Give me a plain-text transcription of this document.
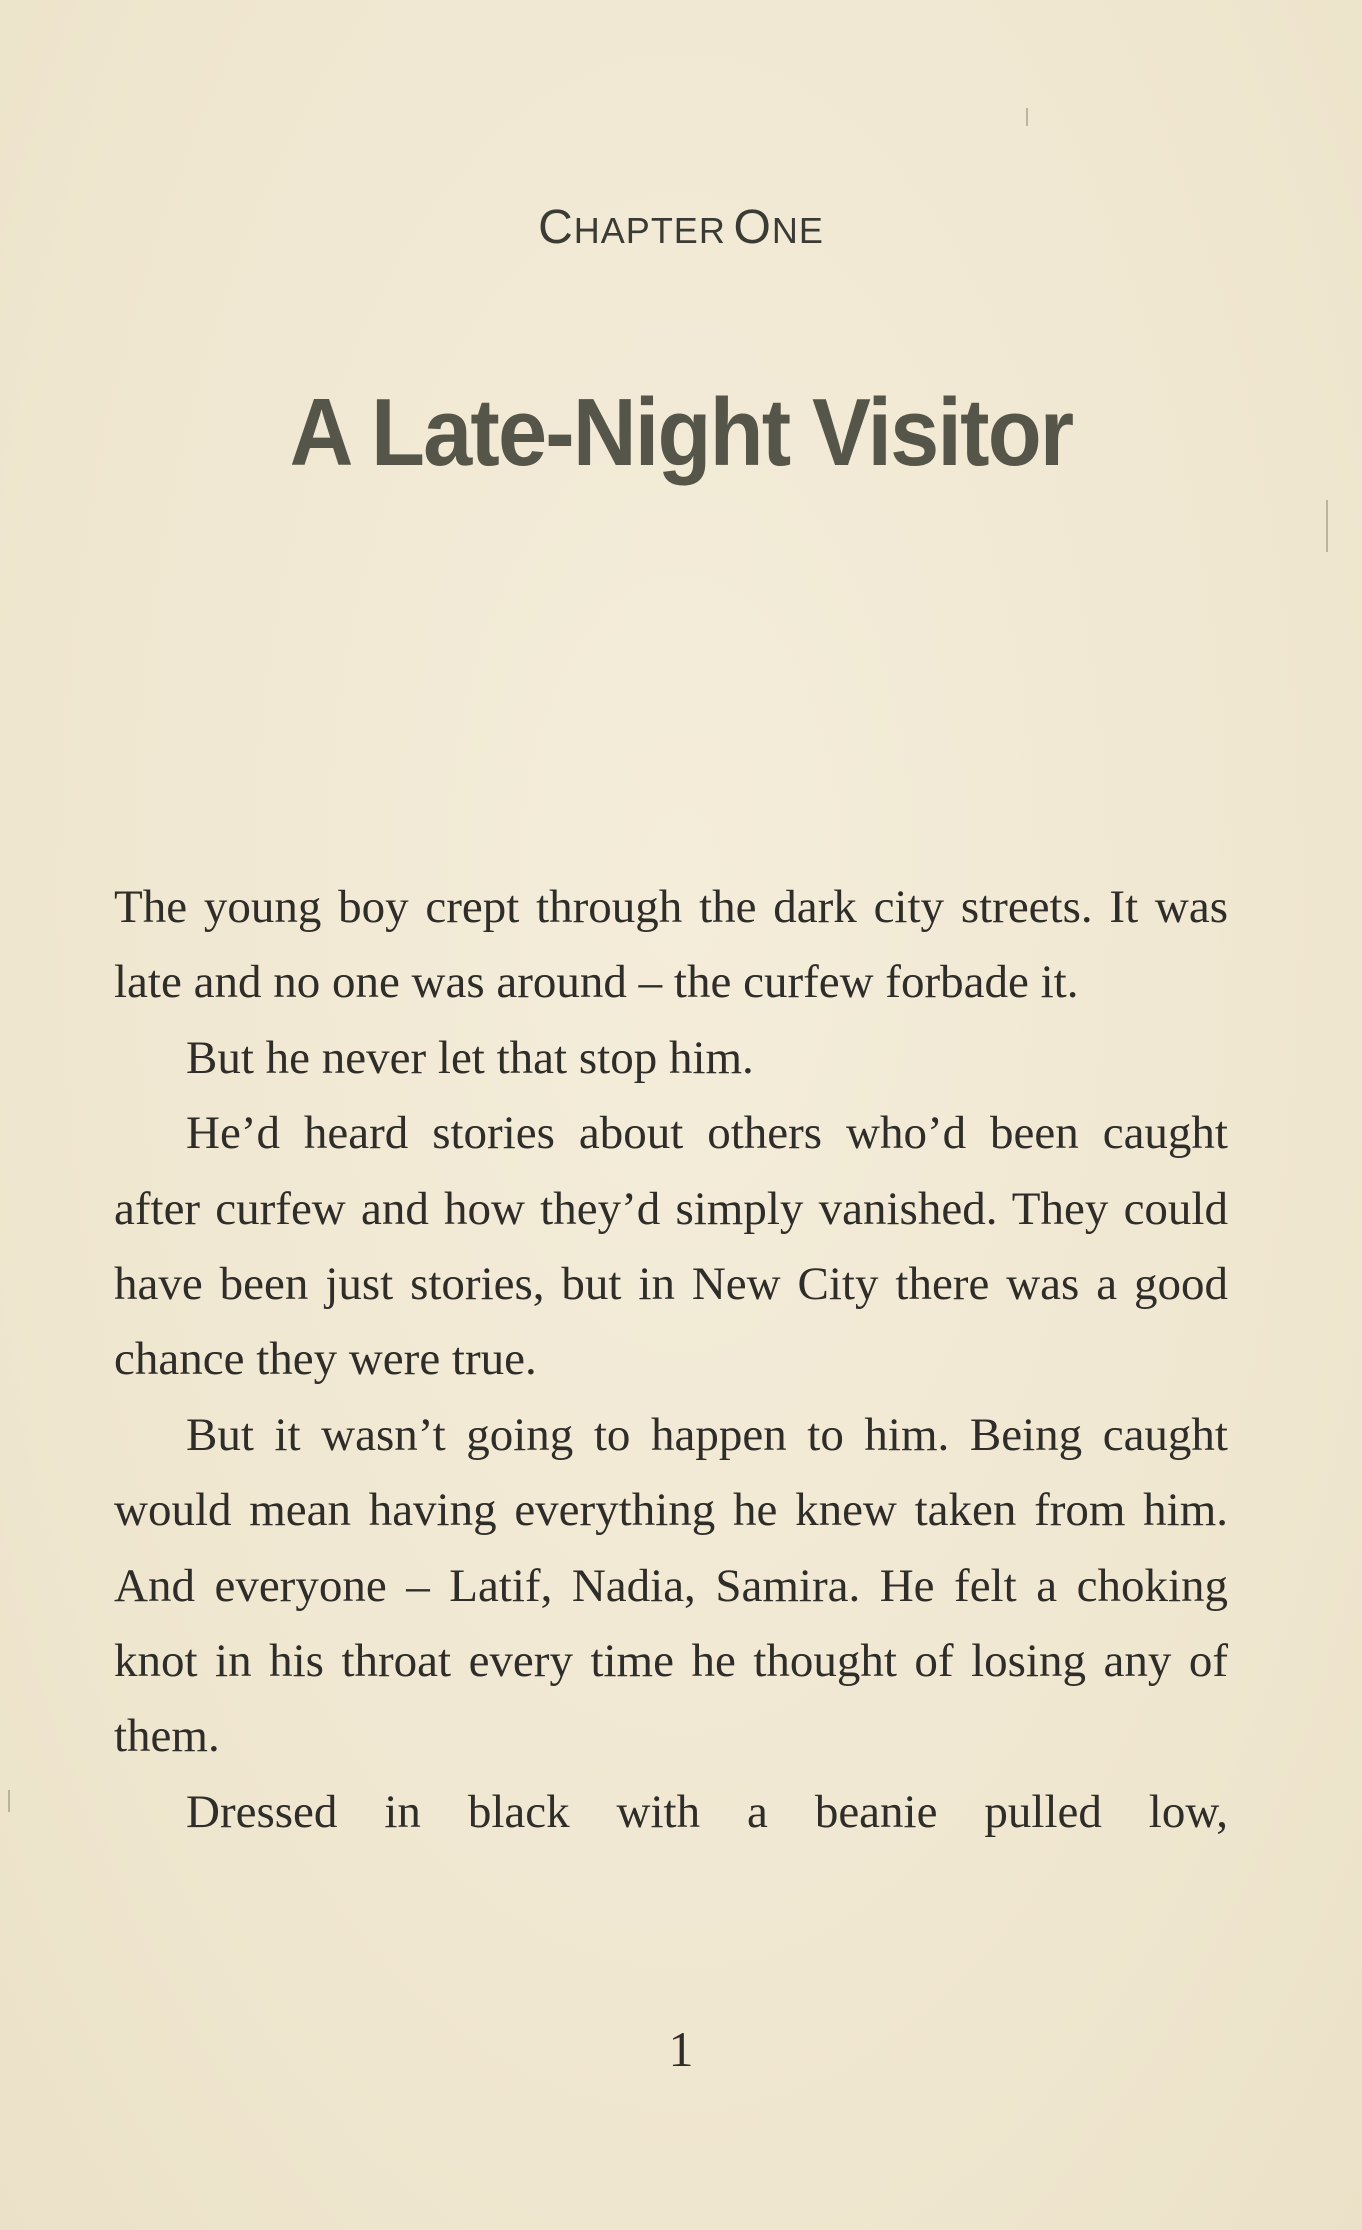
CHAPTER ONE
A Late-Night Visitor

The young boy crept through the dark city streets. It was late and no one was around – the curfew forbade it.

But he never let that stop him.

He’d heard stories about others who’d been caught after curfew and how they’d simply vanished. They could have been just stories, but in New City there was a good chance they were true.

But it wasn’t going to happen to him. Being caught would mean having everything he knew taken from him. And everyone – Latif, Nadia, Samira. He felt a choking knot in his throat every time he thought of losing any of them.

Dressed in black with a beanie pulled low,

1
